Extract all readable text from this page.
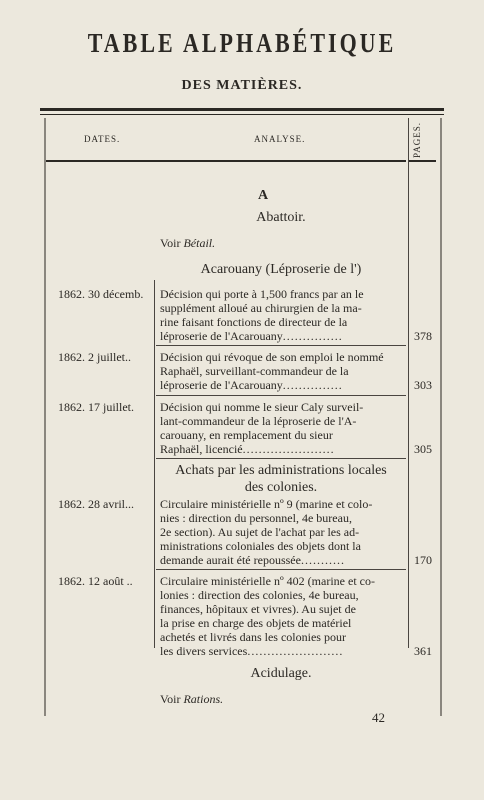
TABLE ALPHABÉTIQUE
DES MATIÈRES.
DATES.	ANALYSE.	PAGES.
A
Abattoir.
Voir Bétail.
Acarouany (Léproserie de l')
1862. 30 décemb.	Décision qui porte à 1,500 francs par an le
supplément alloué au chirurgien de la ma-
rine faisant fonctions de directeur de la
léproserie de l'Acarouany...............	378
1862. 2 juillet..	Décision qui révoque de son emploi le nommé
Raphaël, surveillant-commandeur de la
léproserie de l'Acarouany...............	303
1862. 17 juillet.	Décision qui nomme le sieur Caly surveil-
lant-commandeur de la léproserie de l'A-
carouany, en remplacement du sieur
Raphaël, licencié.......................	305
Achats par les administrations locales
des colonies.
1862. 28 avril...	Circulaire ministérielle nº 9 (marine et colo-
nies : direction du personnel, 4e bureau,
2e section). Au sujet de l'achat par les ad-
ministrations coloniales des objets dont la
demande aurait été repoussée...........	170
1862. 12 août ..	Circulaire ministérielle nº 402 (marine et co-
lonies : direction des colonies, 4e bureau,
finances, hôpitaux et vivres). Au sujet de
la prise en charge des objets de matériel
achetés et livrés dans les colonies pour
les divers services........................	361
Acidulage.
Voir Rations.
42
